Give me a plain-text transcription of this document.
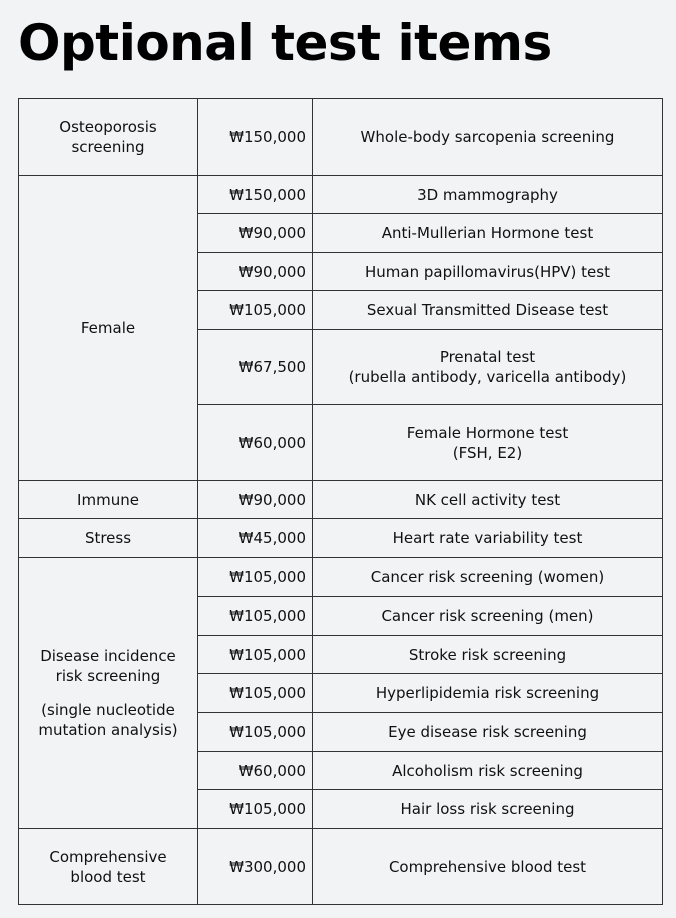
Optional test items
Osteoporosis
screening	₩150,000	Whole-body sarcopenia screening

Female	₩150,000	3D mammography

	₩90,000	Anti-Mullerian Hormone test

	₩90,000	Human papillomavirus(HPV) test

	₩105,000	Sexual Transmitted Disease test

	₩67,500	Prenatal test
(rubella antibody, varicella antibody)

	₩60,000	Female Hormone test
(FSH, E2)

Immune	₩90,000	NK cell activity test

Stress	₩45,000	Heart rate variability test

Disease incidence
risk screening
(single nucleotide
mutation analysis)	₩105,000	Cancer risk screening (women)

	₩105,000	Cancer risk screening (men)

	₩105,000	Stroke risk screening

	₩105,000	Hyperlipidemia risk screening

	₩105,000	Eye disease risk screening

	₩60,000	Alcoholism risk screening

	₩105,000	Hair loss risk screening

Comprehensive
blood test	₩300,000	Comprehensive blood test
